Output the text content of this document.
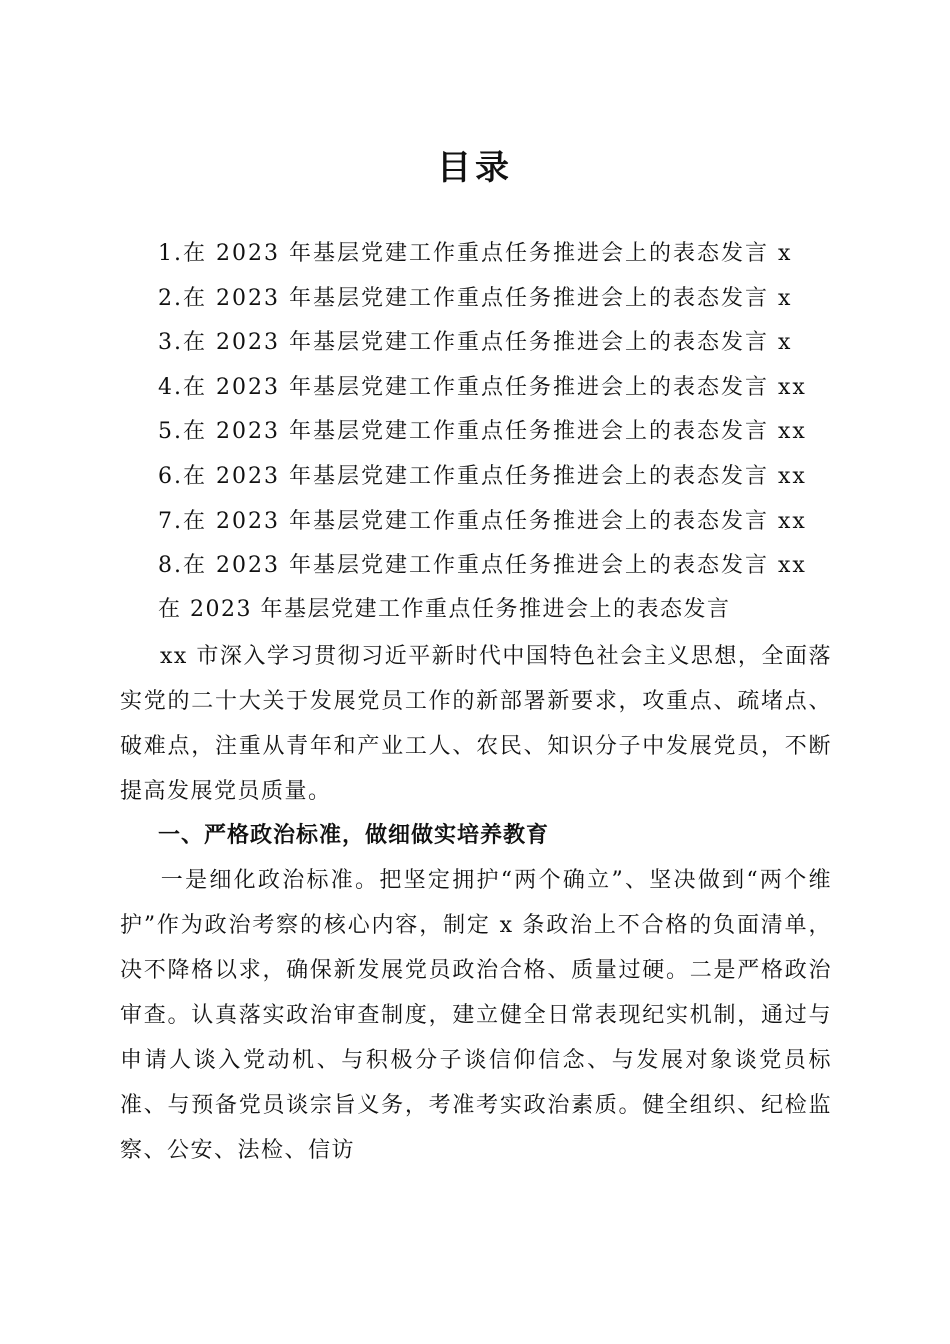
目录
1.在 2023 年基层党建工作重点任务推进会上的表态发言 x
2.在 2023 年基层党建工作重点任务推进会上的表态发言 x
3.在 2023 年基层党建工作重点任务推进会上的表态发言 x
4.在 2023 年基层党建工作重点任务推进会上的表态发言 xx
5.在 2023 年基层党建工作重点任务推进会上的表态发言 xx
6.在 2023 年基层党建工作重点任务推进会上的表态发言 xx
7.在 2023 年基层党建工作重点任务推进会上的表态发言 xx
8.在 2023 年基层党建工作重点任务推进会上的表态发言 xx
在 2023 年基层党建工作重点任务推进会上的表态发言
xx 市深入学习贯彻习近平新时代中国特色社会主义思想，全面落实党的二十大关于发展党员工作的新部署新要求，攻重点、疏堵点、破难点，注重从青年和产业工人、农民、知识分子中发展党员，不断提高发展党员质量。
一、严格政治标准，做细做实培养教育
一是细化政治标准。把坚定拥护“两个确立”、坚决做到“两个维护”作为政治考察的核心内容，制定 x 条政治上不合格的负面清单，决不降格以求，确保新发展党员政治合格、质量过硬。二是严格政治审查。认真落实政治审查制度，建立健全日常表现纪实机制，通过与申请人谈入党动机、与积极分子谈信仰信念、与发展对象谈党员标准、与预备党员谈宗旨义务，考准考实政治素质。健全组织、纪检监察、公安、法检、信访
